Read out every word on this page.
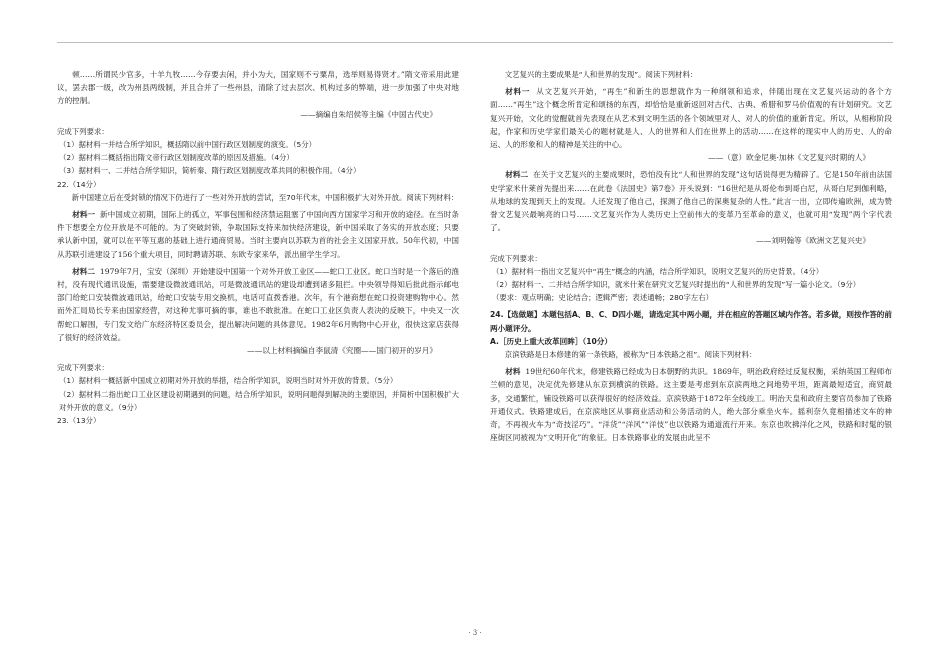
顿……所谓民少官多，十羊九牧……今存要去闲，并小为大，国家则不亏粟帛，选举则易得贤才。”隋文帝采用此建议，罢去郡一级，改为州县两级制，并且合并了一些州县，清除了过去层次、机构过多的弊端，进一步加强了中央对地方的控制。

——摘编自朱绍侯等主编《中国古代史》

完成下列要求：

（1）据材料一并结合所学知识，概括隋以前中国行政区划制度的演变。（5分）

（2）据材料二概括指出隋文帝行政区划制度改革的原因及措施。（4分）

（3）据材料一、二并结合所学知识，简析秦、隋行政区划制度改革共同的积极作用。（4分）

22.（14分）

新中国建立后在受封锁的情况下仍进行了一些对外开放的尝试，至70年代末，中国积极扩大对外开放。阅读下列材料：

材料一 新中国成立初期，国际上的孤立，军事包围和经济禁运阻塞了中国向西方国家学习和开放的途径。在当时条件下想要全方位开放是不可能的。为了突破封锁，争取国际支持来加快经济建设，新中国采取了务实的开放态度；只要承认新中国，就可以在平等互惠的基础上进行通商贸易。当时主要向以苏联为首的社会主义国家开放。50年代初，中国从苏联引进建设了156个重大项目，同时聘请苏联、东欧专家来华，派出留学生学习。

材料二 1979年7月，宝安（深圳）开始建设中国第一个对外开放工业区——蛇口工业区。蛇口当时是一个落后的渔村，没有现代通讯设施，需要建设微波通讯站，可是微波通讯站的建设却遭到诸多阻拦。中央领导得知后批此指示邮电部门给蛇口安装微波通讯站，给蛇口安装专用交换机，电话可直拨香港。次年，有个港商想在蛇口投资建购物中心。然而外汇局局长专来由国家经营，对这种尤事可摘的事，谁也不敢批准。在蛇口工业区负责人表决的反映下，中央又一次帮蛇口解围，专门发文给广东经济特区委员会，提出解决问题的具体意见。1982年6月购物中心开业，很快这家店获得了很好的经济效益。

——以上材料摘编自李鼠清《究圈——国门初开的岁月》

完成下列要求：

（1）据材料一概括新中国成立初期对外开放的举措，结合所学知识，说明当时对外开放的背景。（5分）

（2）据材料二指出蛇口工业区建设初期遇到的问题，结合所学知识，说明问题得到解决的主要原因，并简析中国积极扩大对外开放的意义。（9分）

23.（13分）

文艺复兴的主要成果是“人和世界的发现”。阅读下列材料：

材料一 从文艺复兴开始，“再生”和新生的思想就作为一种纲领和追求，伴随出现在文艺复兴运动的各个方面……“再生”这个概念所肯定和颂扬的东西，却恰恰是重新返回对古代、古典、希腊和罗马价值观的有计划研究。文艺复兴开始，文化的觉醒就首先表现在从艺术到文明生活的各个领域里对人、对人的价值的重新肯定。所以，从相称阶段起，作家和历史学家们最关心的题材就是人、人的世界和人们在世界上的活动……在这样的现实中人的历史、人的命运、人的形象和人的精神是关注的中心。

——（意）欧金尼奥·加林《文艺复兴时期的人》

材料二 在关于文艺复兴的主要成果时，恐怕没有比“人和世界的发现”这句话说得更为精辟了。它是150年前由法国史学家米什莱首先提出来……在此卷《法国史》第7卷》开头说到：“16世纪是从哥伦布到哥白尼，从哥白尼到伽利略，从地球的发现到天上的发现。人还发现了他自己，探测了他自己的深奥复杂的人性。”此言一出，立即传遍欧洲，成为赞誉文艺复兴最响亮的口号……文艺复兴作为人类历史上空前伟大的变革乃至革命的意义，也就可用“发现”两个字代表了。

——刘明翰等《欧洲文艺复兴史》

完成下列要求：

（1）据材料一指出文艺复兴中“再生”概念的内涵，结合所学知识，说明文艺复兴的历史背景。（4分）

（2）据材料一、二并结合所学知识，就米什莱在研究文艺复兴时提出的“人和世界的发现”写一篇小论文。（9分）

（要求：观点明确；史论结合；逻辑严密；表述通畅；280字左右）

24.【选做题】本题包括A、B、C、D四小题，请选定其中两小题，并在相应的答题区域内作答。若多做，则按作答的前两小题评分。

A.［历史上重大改革回眸］（10分）

京滨铁路是日本修建的第一条铁路，被称为“日本铁路之祖”。阅读下列材料：

材料 19世纪60年代末，修建铁路已经成为日本朝野的共识。1869年，明治政府经过反复权衡，采纳英国工程师布兰顿的意见，决定优先修建从东京到横滨的铁路。这主要是考虑到东京滨两地之间地势平坦，距离最短适宜，商贸最多，交通繁忙，铺设铁路可以获得很好的经济效益。京滨铁路于1872年全线竣工。明治天皇和政府主要官员参加了铁路开通仪式。铁路建成后，在京滨地区从事商业活动和公务活动的人，绝大部分乘坐火车。摇利奈久竟相描述文车的神奇，不再视火车为“奇技淫巧”。“洋货”“洋风”“洋伎”也以铁路为通道流行开来。东京也吹拂洋化之风，铁路和时髦的银座街区同被视为“文明开化”的象征。日本铁路事业的发展由此呈不

· 3 ·
